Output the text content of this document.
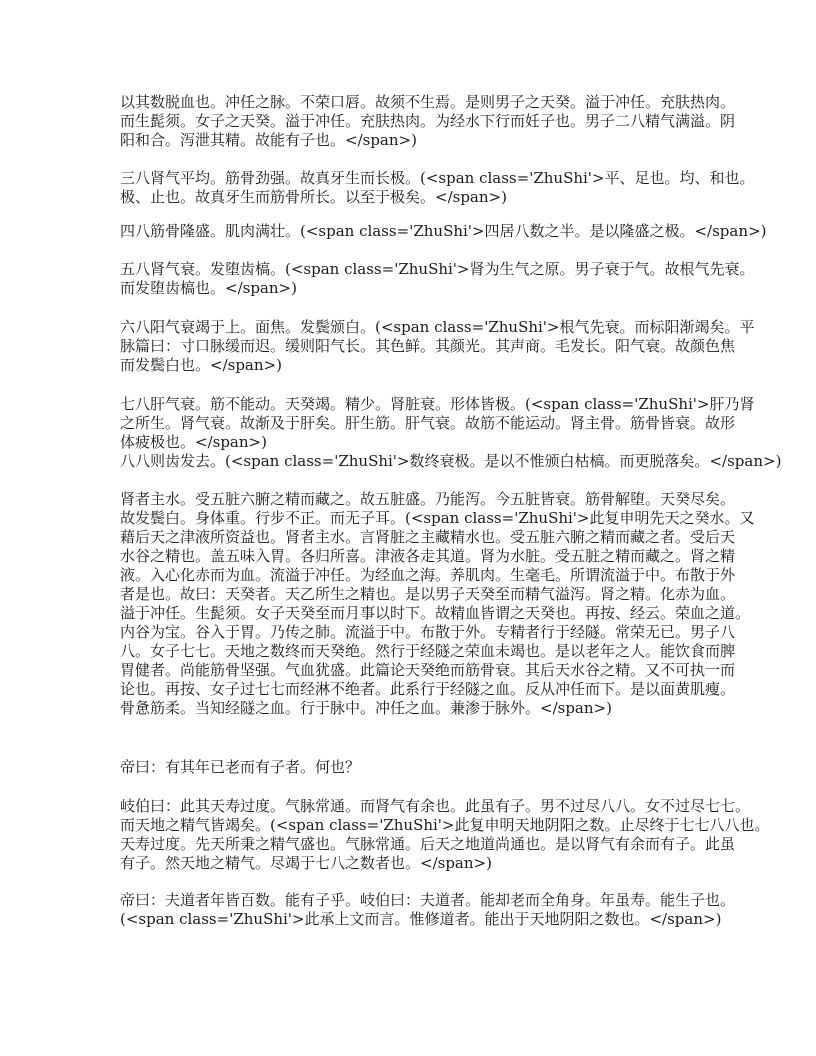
以其数脱血也。冲任之脉。不荣口唇。故须不生焉。是则男子之天癸。溢于冲任。充肤热肉。
而生髭须。女子之天癸。溢于冲任。充肤热肉。为经水下行而妊子也。男子二八精气满溢。阴
阳和合。泻泄其精。故能有子也。</span>)
三八肾气平均。筋骨劲强。故真牙生而长极。(<span class='ZhuShi'>平、足也。均、和也。
极、止也。故真牙生而筋骨所长。以至于极矣。</span>)
四八筋骨隆盛。肌肉满壮。(<span class='ZhuShi'>四居八数之半。是以隆盛之极。</span>)
五八肾气衰。发堕齿槁。(<span class='ZhuShi'>肾为生气之原。男子衰于气。故根气先衰。
而发堕齿槁也。</span>)
六八阳气衰竭于上。面焦。发鬓颁白。(<span class='ZhuShi'>根气先衰。而标阳渐竭矣。平
脉篇曰：寸口脉缓而迟。缓则阳气长。其色鲜。其颜光。其声商。毛发长。阳气衰。故颜色焦
而发鬓白也。</span>)
七八肝气衰。筋不能动。天癸竭。精少。肾脏衰。形体皆极。(<span class='ZhuShi'>肝乃肾
之所生。肾气衰。故渐及于肝矣。肝生筋。肝气衰。故筋不能运动。肾主骨。筋骨皆衰。故形
体疲极也。</span>)
八八则齿发去。(<span class='ZhuShi'>数终衰极。是以不惟颁白枯槁。而更脱落矣。</span>)
肾者主水。受五脏六腑之精而藏之。故五脏盛。乃能泻。今五脏皆衰。筋骨解堕。天癸尽矣。
故发鬓白。身体重。行步不正。而无子耳。(<span class='ZhuShi'>此复申明先天之癸水。又
藉后天之津液所资益也。肾者主水。言肾脏之主藏精水也。受五脏六腑之精而藏之者。受后天
水谷之精也。盖五味入胃。各归所喜。津液各走其道。肾为水脏。受五脏之精而藏之。肾之精
液。入心化赤而为血。流溢于冲任。为经血之海。养肌肉。生毫毛。所谓流溢于中。布散于外
者是也。故曰：天癸者。天乙所生之精也。是以男子天癸至而精气溢泻。肾之精。化赤为血。
溢于冲任。生髭须。女子天癸至而月事以时下。故精血皆谓之天癸也。再按、经云。荣血之道。
内谷为宝。谷入于胃。乃传之肺。流溢于中。布散于外。专精者行于经隧。常荣无已。男子八
八。女子七七。天地之数终而天癸绝。然行于经隧之荣血未竭也。是以老年之人。能饮食而脾
胃健者。尚能筋骨坚强。气血犹盛。此篇论天癸绝而筋骨衰。其后天水谷之精。又不可执一而
论也。再按、女子过七七而经淋不绝者。此系行于经隧之血。反从冲任而下。是以面黄肌瘦。
骨惫筋柔。当知经隧之血。行于脉中。冲任之血。兼渗于脉外。</span>)
帝曰：有其年已老而有子者。何也？
岐伯曰：此其天寿过度。气脉常通。而肾气有余也。此虽有子。男不过尽八八。女不过尽七七。
而天地之精气皆竭矣。(<span class='ZhuShi'>此复申明天地阴阳之数。止尽终于七七八八也。
天寿过度。先天所秉之精气盛也。气脉常通。后天之地道尚通也。是以肾气有余而有子。此虽
有子。然天地之精气。尽竭于七八之数者也。</span>)
帝曰：夫道者年皆百数。能有子乎。岐伯曰：夫道者。能却老而全角身。年虽寿。能生子也。
(<span class='ZhuShi'>此承上文而言。惟修道者。能出于天地阴阳之数也。</span>)
